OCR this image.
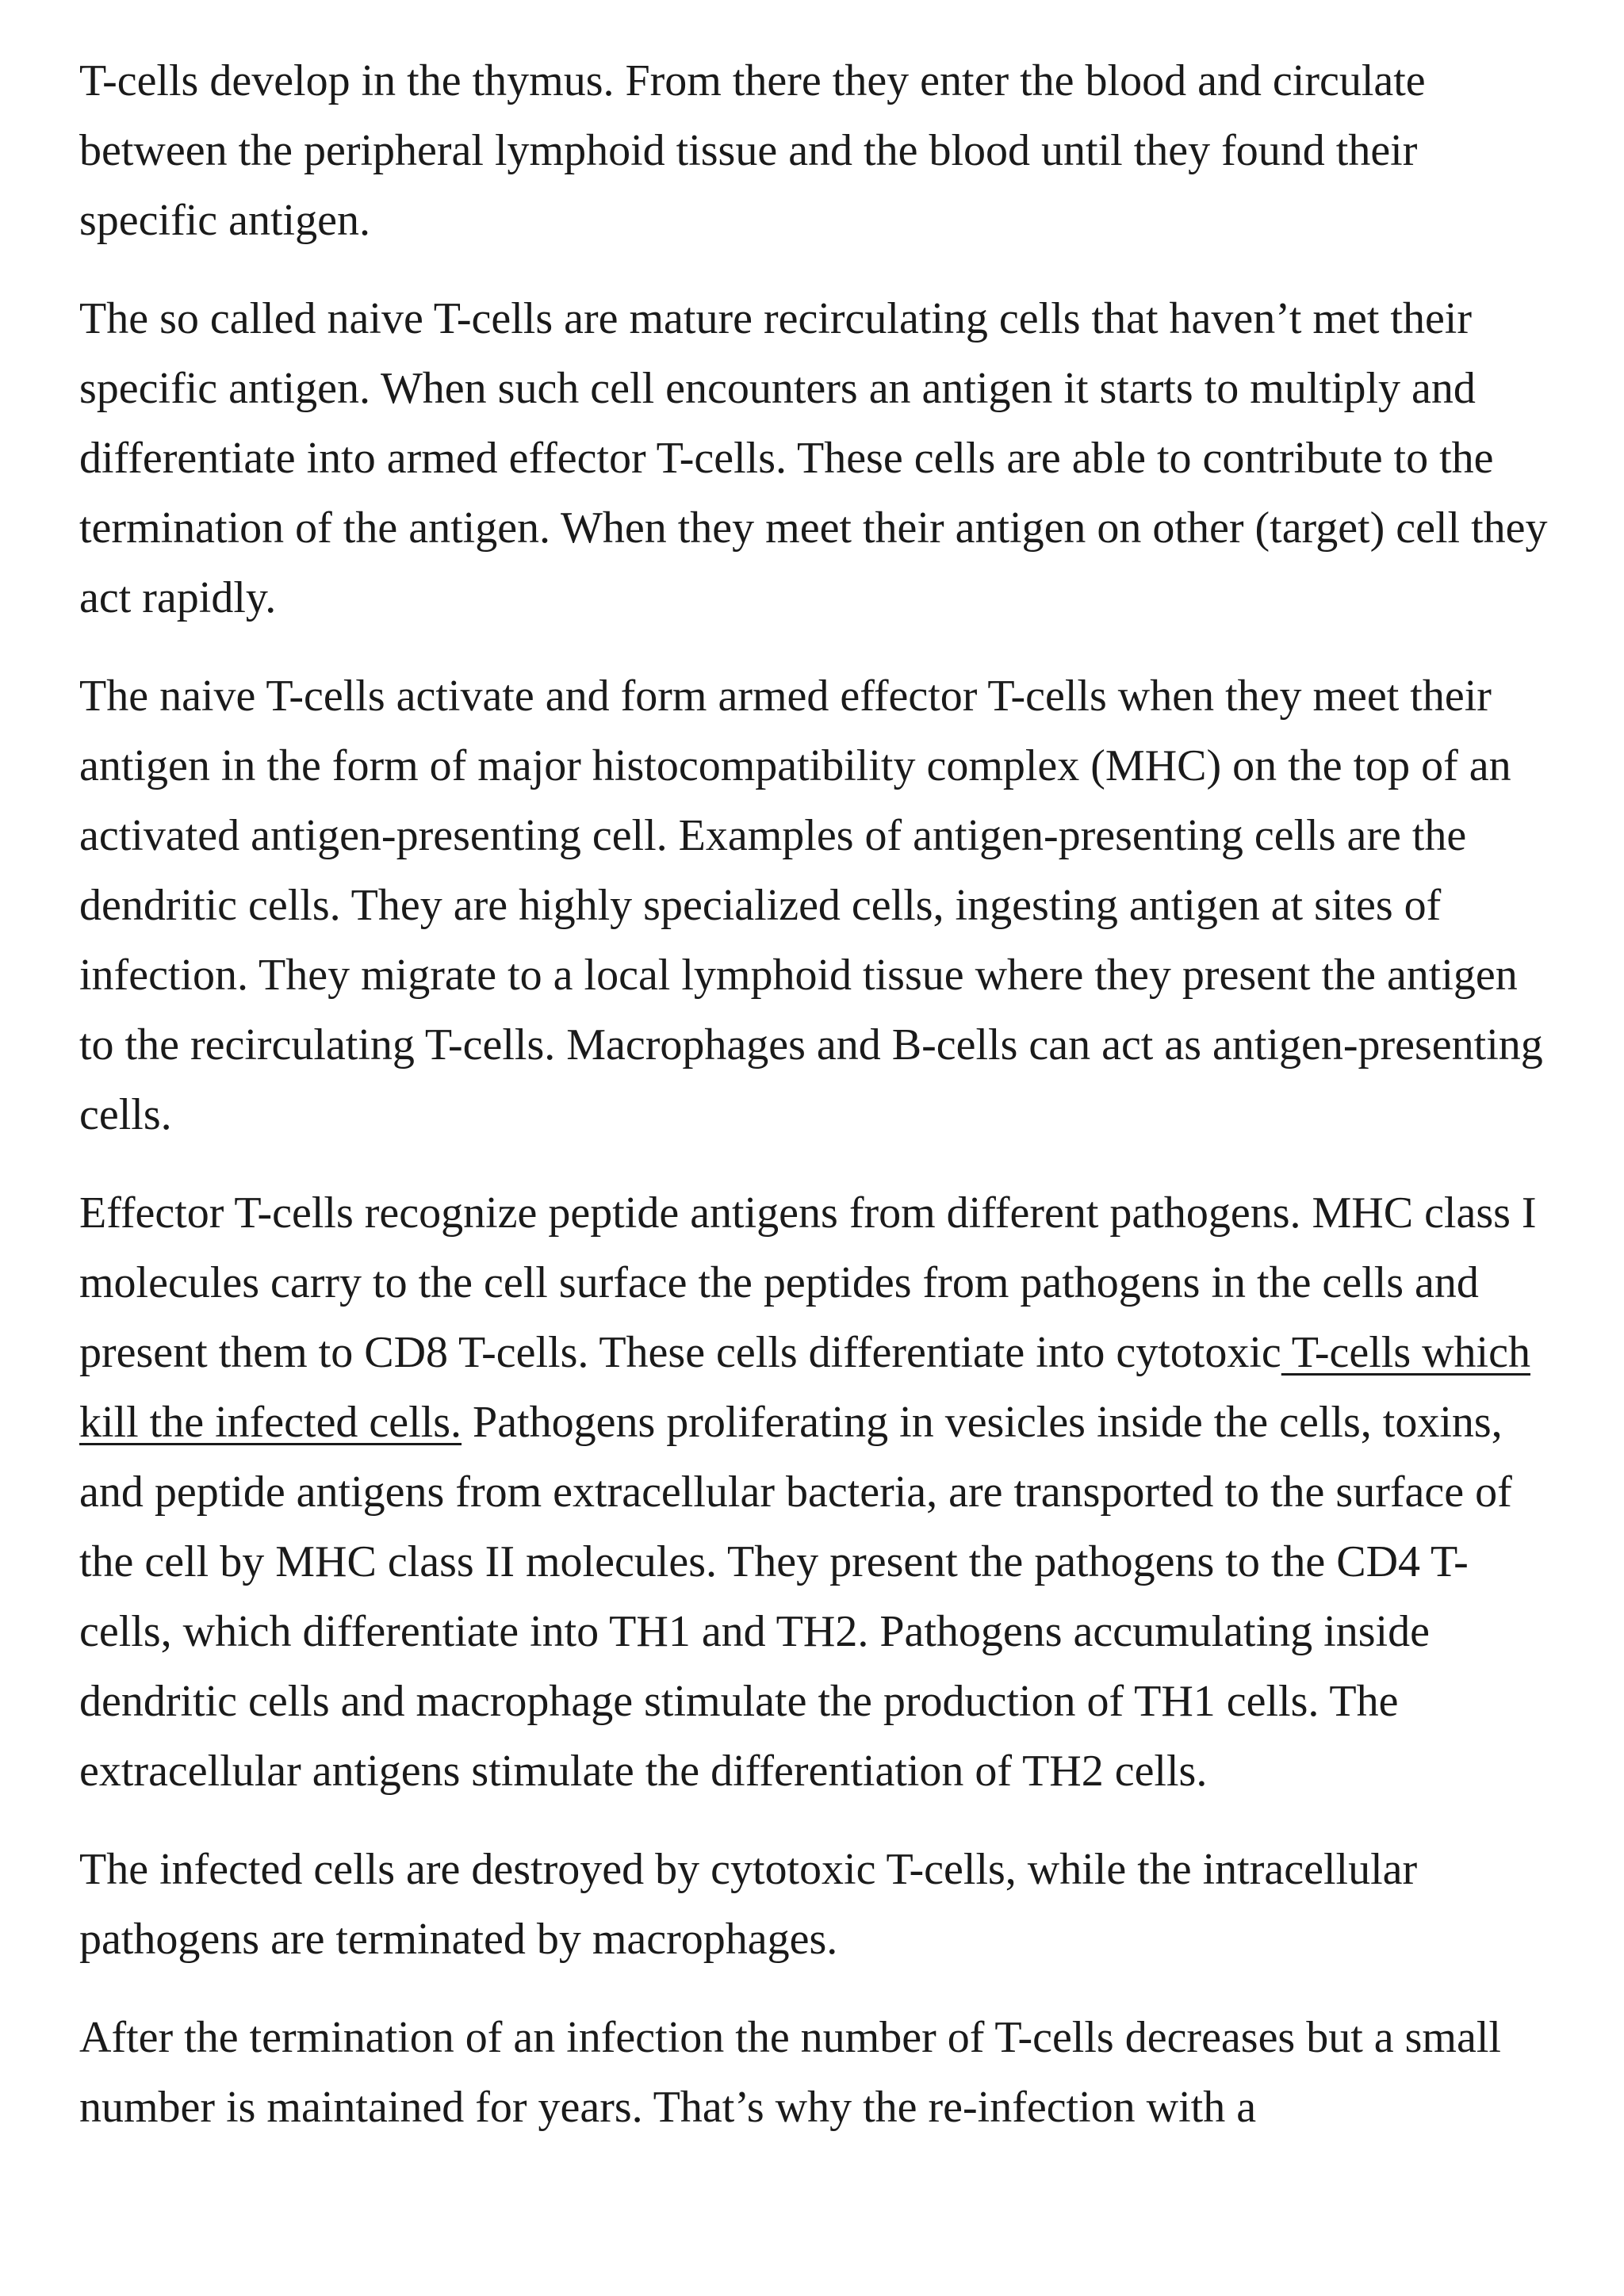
T-cells develop in the thymus. From there they enter the blood and circulate between the peripheral lymphoid tissue and the blood until they found their specific antigen.

The so called naive T-cells are mature recirculating cells that haven’t met their specific antigen. When such cell encounters an antigen it starts to multiply and differentiate into armed effector T-cells. These cells are able to contribute to the termination of the antigen. When they meet their antigen on other (target) cell they act rapidly.

The naive T-cells activate and form armed effector T-cells when they meet their antigen in the form of major histocompatibility complex (MHC) on the top of an activated antigen-presenting cell. Examples of antigen-presenting cells are the dendritic cells. They are highly specialized cells, ingesting antigen at sites of infection. They migrate to a local lymphoid tissue where they present the antigen to the recirculating T-cells. Macrophages and B-cells can act as antigen-presenting cells.

Effector T-cells recognize peptide antigens from different pathogens. MHC class I molecules carry to the cell surface the peptides from pathogens in the cells and present them to CD8 T-cells. These cells differentiate into cytotoxic T-cells which kill the infected cells. Pathogens proliferating in vesicles inside the cells, toxins, and peptide antigens from extracellular bacteria, are transported to the surface of the cell by MHC class II molecules. They present the pathogens to the CD4 T-cells, which differentiate into TH1 and TH2. Pathogens accumulating inside dendritic cells and macrophage stimulate the production of TH1 cells. The extracellular antigens stimulate the differentiation of TH2 cells.

The infected cells are destroyed by cytotoxic T-cells, while the intracellular pathogens are terminated by macrophages.

After the termination of an infection the number of T-cells decreases but a small number is maintained for years. That’s why the re-infection with a
